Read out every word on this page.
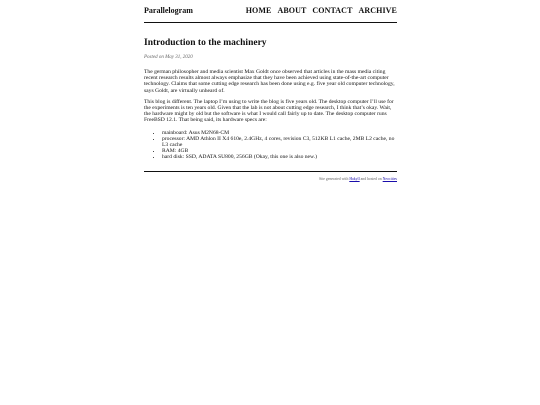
Parallelogram	HOME ABOUT CONTACT ARCHIVE
Introduction to the machinery
Posted on May 31, 2020

The german philosopher and media scientist Max Goldt once observed that articles in the mass media citing recent research results almost always emphasize that they have been achieved using state-of-the-art computer technology. Claims that some cutting edge research has been done using e.g. five year old computer technology, says Goldt, are virtually unheard of.

This blog is different. The laptop I’m using to write the blog is five years old. The desktop computer I’ll use for the experiments is ten years old. Given that the lab is not about cutting edge research, I think that’s okay. Wait, the hardware might by old but the software is what I would call fairly up to date. The desktop computer runs FreeBSD 12.1. That being said, its hardware specs are:

• mainboard: Asus M2N68-CM
• processor: AMD Athlon II X4 610e, 2.4GHz, 4 cores, revision C3, 512KB L1 cache, 2MB L2 cache, no L3 cache
• RAM: 4GB
• hard disk: SSD, ADATA SU800, 256GB (Okay, this one is also new.)
Site generated with Hakyll and hosted on Neocities
